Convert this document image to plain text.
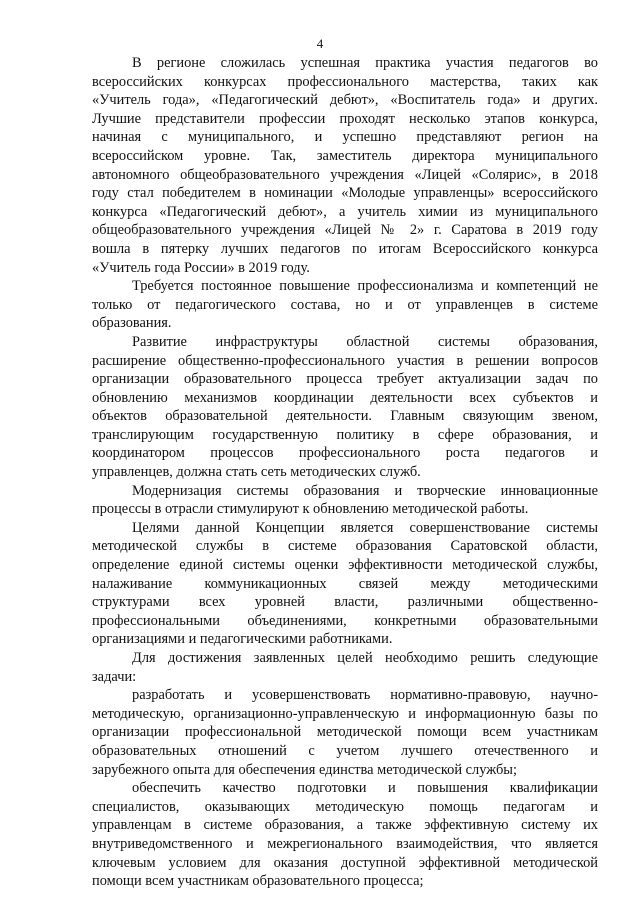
4
В регионе сложилась успешная практика участия педагогов во
всероссийских конкурсах профессионального мастерства, таких как
«Учитель года», «Педагогический дебют», «Воспитатель года» и других.
Лучшие представители профессии проходят несколько этапов конкурса,
начиная с муниципального, и успешно представляют регион на
всероссийском уровне. Так, заместитель директора муниципального
автономного общеобразовательного учреждения «Лицей «Солярис», в 2018
году стал победителем в номинации «Молодые управленцы» всероссийского
конкурса «Педагогический дебют», а учитель химии из муниципального
общеобразовательного учреждения «Лицей № 2» г. Саратова в 2019 году
вошла в пятерку лучших педагогов по итогам Всероссийского конкурса
«Учитель года России» в 2019 году.
Требуется постоянное повышение профессионализма и компетенций не
только от педагогического состава, но и от управленцев в системе
образования.
Развитие инфраструктуры областной системы образования,
расширение общественно-профессионального участия в решении вопросов
организации образовательного процесса требует актуализации задач по
обновлению механизмов координации деятельности всех субъектов и
объектов образовательной деятельности. Главным связующим звеном,
транслирующим государственную политику в сфере образования, и
координатором процессов профессионального роста педагогов и
управленцев, должна стать сеть методических служб.
Модернизация системы образования и творческие инновационные
процессы в отрасли стимулируют к обновлению методической работы.
Целями данной Концепции является совершенствование системы
методической службы в системе образования Саратовской области,
определение единой системы оценки эффективности методической службы,
налаживание коммуникационных связей между методическими
структурами всех уровней власти, различными общественно-
профессиональными объединениями, конкретными образовательными
организациями и педагогическими работниками.
Для достижения заявленных целей необходимо решить следующие
задачи:
разработать и усовершенствовать нормативно-правовую, научно-
методическую, организационно-управленческую и информационную базы по
организации профессиональной методической помощи всем участникам
образовательных отношений с учетом лучшего отечественного и
зарубежного опыта для обеспечения единства методической службы;
обеспечить качество подготовки и повышения квалификации
специалистов, оказывающих методическую помощь педагогам и
управленцам в системе образования, а также эффективную систему их
внутриведомственного и межрегионального взаимодействия, что является
ключевым условием для оказания доступной эффективной методической
помощи всем участникам образовательного процесса;
